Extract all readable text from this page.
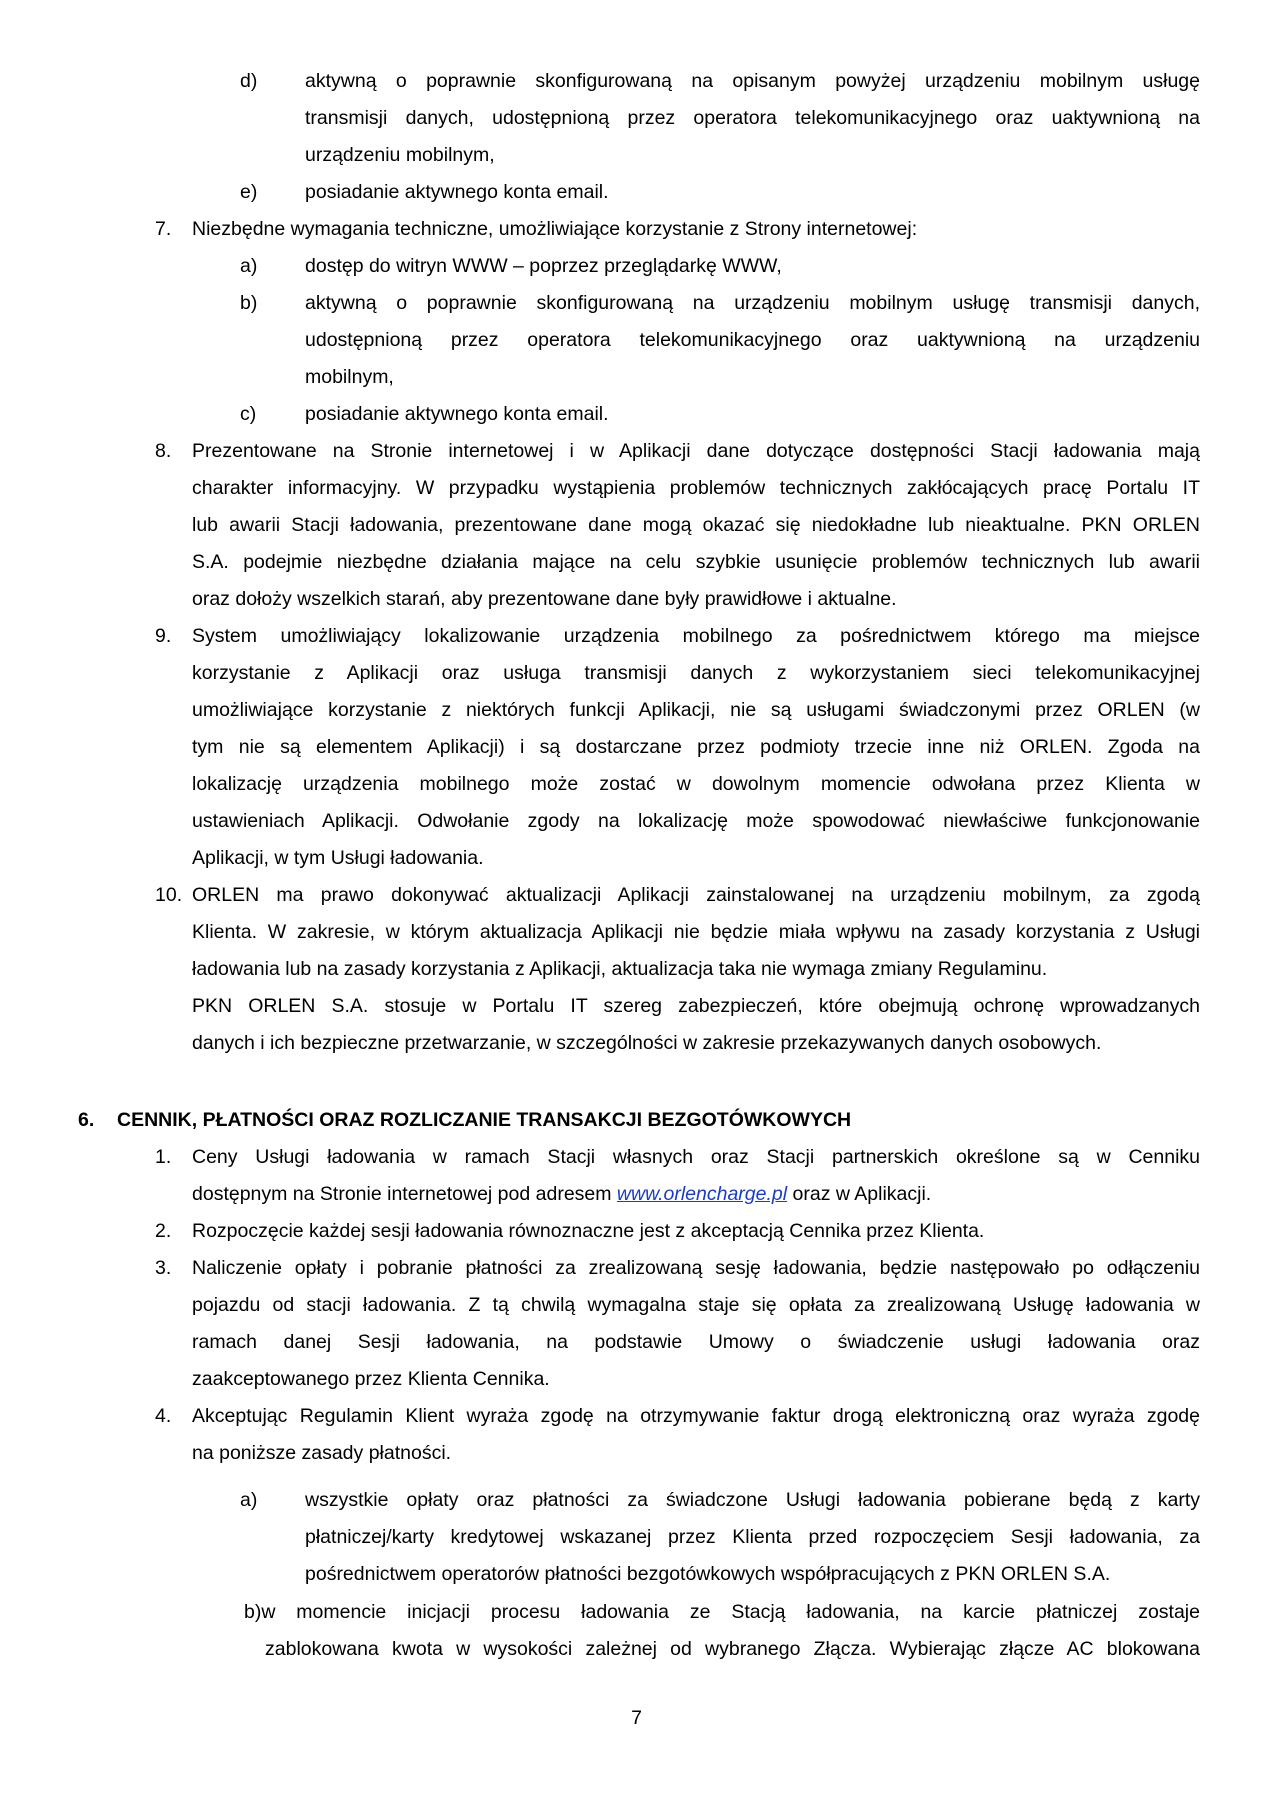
d) aktywną o poprawnie skonfigurowaną na opisanym powyżej urządzeniu mobilnym usługę
transmisji danych, udostępnioną przez operatora telekomunikacyjnego oraz uaktywnioną na
urządzeniu mobilnym,
e) posiadanie aktywnego konta email.
7. Niezbędne wymagania techniczne, umożliwiające korzystanie z Strony internetowej:
a) dostęp do witryn WWW – poprzez przeglądarkę WWW,
b) aktywną o poprawnie skonfigurowaną na urządzeniu mobilnym usługę transmisji danych,
udostępnioną przez operatora telekomunikacyjnego oraz uaktywnioną na urządzeniu
mobilnym,
c)	posiadanie aktywnego konta email.
8. Prezentowane na Stronie internetowej i w Aplikacji dane dotyczące dostępności Stacji ładowania mają
charakter informacyjny. W przypadku wystąpienia problemów technicznych zakłócających pracę Portalu IT
lub awarii Stacji ładowania, prezentowane dane mogą okazać się niedokładne lub nieaktualne. PKN ORLEN
S.A. podejmie niezbędne działania mające na celu szybkie usunięcie problemów technicznych lub awarii
oraz dołoży wszelkich starań, aby prezentowane dane były prawidłowe i aktualne.
9. System umożliwiający lokalizowanie urządzenia mobilnego za pośrednictwem którego ma miejsce
korzystanie z Aplikacji oraz usługa transmisji danych z wykorzystaniem sieci telekomunikacyjnej
umożliwiające korzystanie z niektórych funkcji Aplikacji, nie są usługami świadczonymi przez ORLEN (w
tym nie są elementem Aplikacji) i są dostarczane przez podmioty trzecie inne niż ORLEN. Zgoda na
lokalizację urządzenia mobilnego może zostać w dowolnym momencie odwołana przez Klienta w
ustawieniach Aplikacji. Odwołanie zgody na lokalizację może spowodować niewłaściwe funkcjonowanie
Aplikacji, w tym Usługi ładowania.
10. ORLEN ma prawo dokonywać aktualizacji Aplikacji zainstalowanej na urządzeniu mobilnym, za zgodą
Klienta. W zakresie, w którym aktualizacja Aplikacji nie będzie miała wpływu na zasady korzystania z Usługi
ładowania lub na zasady korzystania z Aplikacji, aktualizacja taka nie wymaga zmiany Regulaminu.
PKN ORLEN S.A. stosuje w Portalu IT szereg zabezpieczeń, które obejmują ochronę wprowadzanych
danych i ich bezpieczne przetwarzanie, w szczególności w zakresie przekazywanych danych osobowych.
6. CENNIK, PŁATNOŚCI ORAZ ROZLICZANIE TRANSAKCJI BEZGOTÓWKOWYCH
1. Ceny Usługi ładowania w ramach Stacji własnych oraz Stacji partnerskich określone są w Cenniku
dostępnym na Stronie internetowej pod adresem www.orlencharge.pl oraz w Aplikacji.
2. Rozpoczęcie każdej sesji ładowania równoznaczne jest z akceptacją Cennika przez Klienta.
3. Naliczenie opłaty i pobranie płatności za zrealizowaną sesję ładowania, będzie następowało po odłączeniu
pojazdu od stacji ładowania. Z tą chwilą wymagalna staje się opłata za zrealizowaną Usługę ładowania w
ramach danej Sesji ładowania, na podstawie Umowy o świadczenie usługi ładowania oraz
zaakceptowanego przez Klienta Cennika.
4. Akceptując Regulamin Klient wyraża zgodę na otrzymywanie faktur drogą elektroniczną oraz wyraża zgodę
na poniższe zasady płatności.
a) wszystkie opłaty oraz płatności za świadczone Usługi ładowania pobierane będą z karty
płatniczej/karty kredytowej wskazanej przez Klienta przed rozpoczęciem Sesji ładowania, za
pośrednictwem operatorów płatności bezgotówkowych współpracujących z PKN ORLEN S.A.
b)w momencie inicjacji procesu ładowania ze Stacją ładowania, na karcie płatniczej zostaje
zablokowana kwota w wysokości zależnej od wybranego Złącza. Wybierając złącze AC blokowana
7
